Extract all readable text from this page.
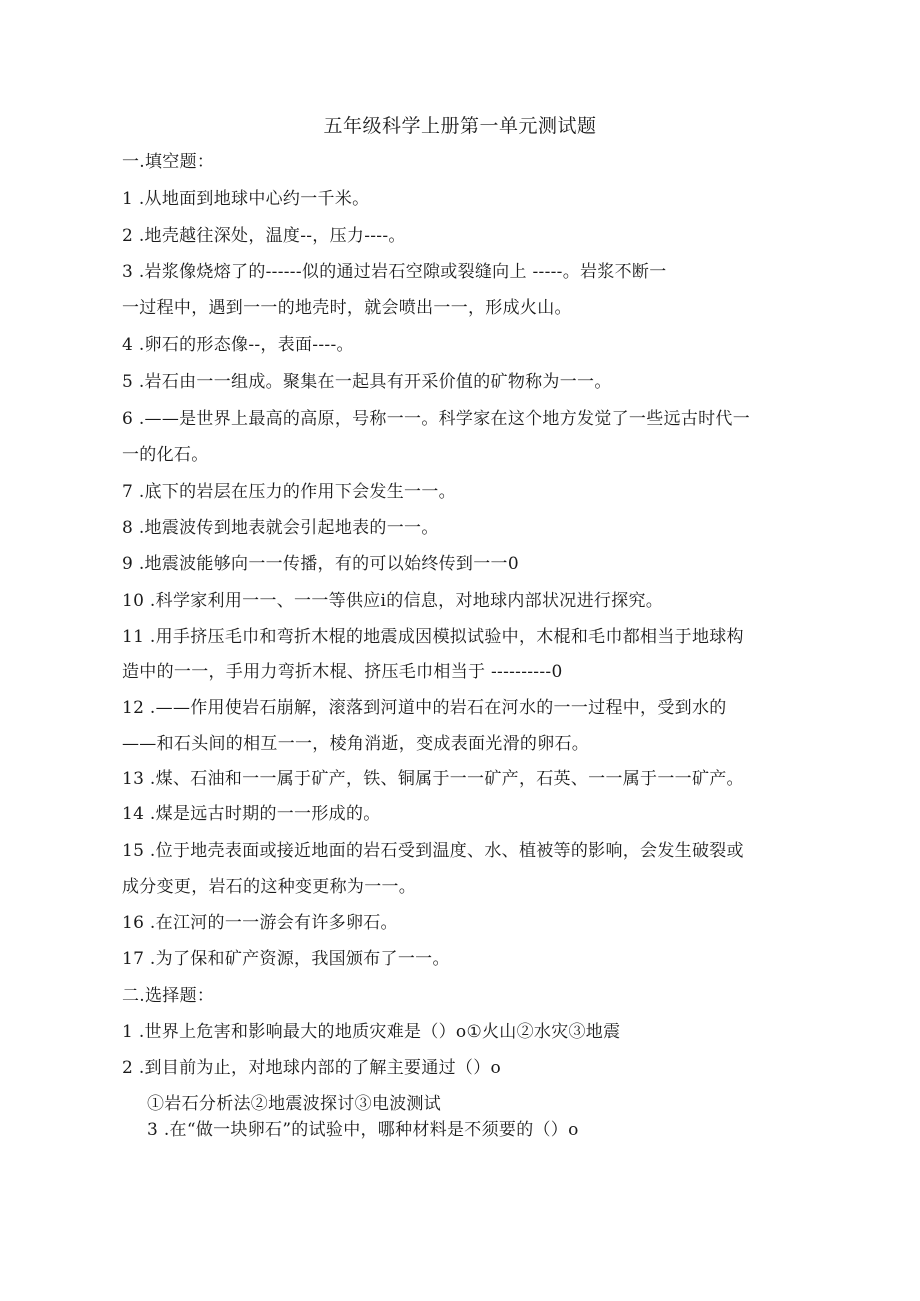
五年级科学上册第一单元测试题
一.填空题：
1 .从地面到地球中心约一千米。
2 .地壳越往深处，温度--，压力----。
3 .岩浆像烧熔了的------似的通过岩石空隙或裂缝向上 -----。岩浆不断一
一过程中，遇到一一的地壳时，就会喷出一一，形成火山。
4 .卵石的形态像--，表面----。
5 .岩石由一一组成。聚集在一起具有开采价值的矿物称为一一。
6 .——是世界上最高的高原，号称一一。科学家在这个地方发觉了一些远古时代一
一的化石。
7 .底下的岩层在压力的作用下会发生一一。
8 .地震波传到地表就会引起地表的一一。
9 .地震波能够向一一传播，有的可以始终传到一一0
10 .科学家利用一一、一一等供应i的信息，对地球内部状况进行探究。
11 .用手挤压毛巾和弯折木棍的地震成因模拟试验中，木棍和毛巾都相当于地球构
造中的一一，手用力弯折木棍、挤压毛巾相当于 ----------0
12 .——作用使岩石崩解，滚落到河道中的岩石在河水的一一过程中，受到水的
——和石头间的相互一一，棱角消逝，变成表面光滑的卵石。
13 .煤、石油和一一属于矿产，铁、铜属于一一矿产，石英、一一属于一一矿产。
14 .煤是远古时期的一一形成的。
15 .位于地壳表面或接近地面的岩石受到温度、水、植被等的影响，会发生破裂或
成分变更，岩石的这种变更称为一一。
16 .在江河的一一游会有许多卵石。
17 .为了保和矿产资源，我国颁布了一一。
二.选择题：
1 .世界上危害和影响最大的地质灾难是（）o①火山②水灾③地震
2 .到目前为止，对地球内部的了解主要通过（）o
①岩石分析法②地震波探讨③电波测试
3 .在“做一块卵石”的试验中，哪种材料是不须要的（）o
